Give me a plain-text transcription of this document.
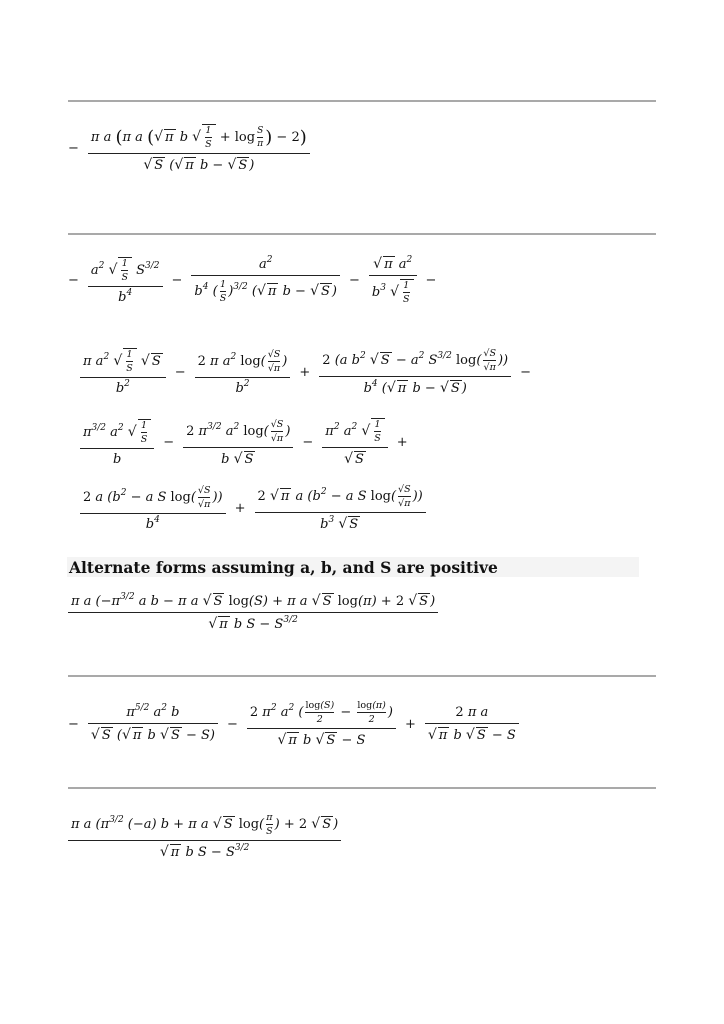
− $\frac{\pi a (\pi a (√ \pi b √ \frac{1}{S} + \log \frac{S}{\pi} ) - 2)}{\text{√ S (√ π b − √ S )}}$
− $\frac{a^2 √ \frac{1}{S} S^{3/2}}{b^4} - \frac{a^2}{b^4 ( \frac{1}{S} )^{3/2} (√ \pi b - √ S )} - \frac{√ \pi a^2}{b^3 √ \frac{1}{S}}$ −
$\frac{\pi a^2 √ \frac{1}{S} √ S}{b^2} - \frac{2 \pi a^2 \log( \frac{√S}{√\pi} )}{b^2} + \frac{2 (a b^2 √ S - a^2 S^{3/2} \log( \frac{√S}{√\pi} ))}{b^4 (√ \pi b - √ S )}$ −
$\frac{\pi^{3/2} a^2 √ \frac{1}{S}}{b} - \frac{2 \pi^{3/2} a^2 \log( \frac{√S}{√\pi} )}{b √ S} - \frac{\pi^2 a^2 √ \frac{1}{S}}{√ S}$ +
$\frac{2 a (b^2 - a S \log( \frac{√S}{√\pi} ))}{b^4} + \frac{2 √ \pi a (b^2 - a S \log( \frac{√S}{√\pi} ))}{b^3 √ S}$
Alternate forms assuming a, b, and S are positive
$\frac{\pi a (-\pi^{3/2} a b - \pi a √ S \log(S) + \pi a √ S \log(\pi) + 2 √ S )}{√ \pi b S - S^{3/2}}$
− $\frac{\pi^{5/2} a^2 b}{\text{√ S (√ π b √ S − S)}} - \frac{2 \pi^2 a^2 ( \frac{\log(S)}{2} - \frac{\log(\pi)}{2} )}{\text{√ π b √ S − S}} + \frac{\text{2 π a}}{\text{√ π b √ S − S}}$
$\frac{\pi a (\pi^{3/2} (-a) b + \pi a √ S \log( \frac{\pi}{S} ) + 2 √ S )}{√ \pi b S - S^{3/2}}$
